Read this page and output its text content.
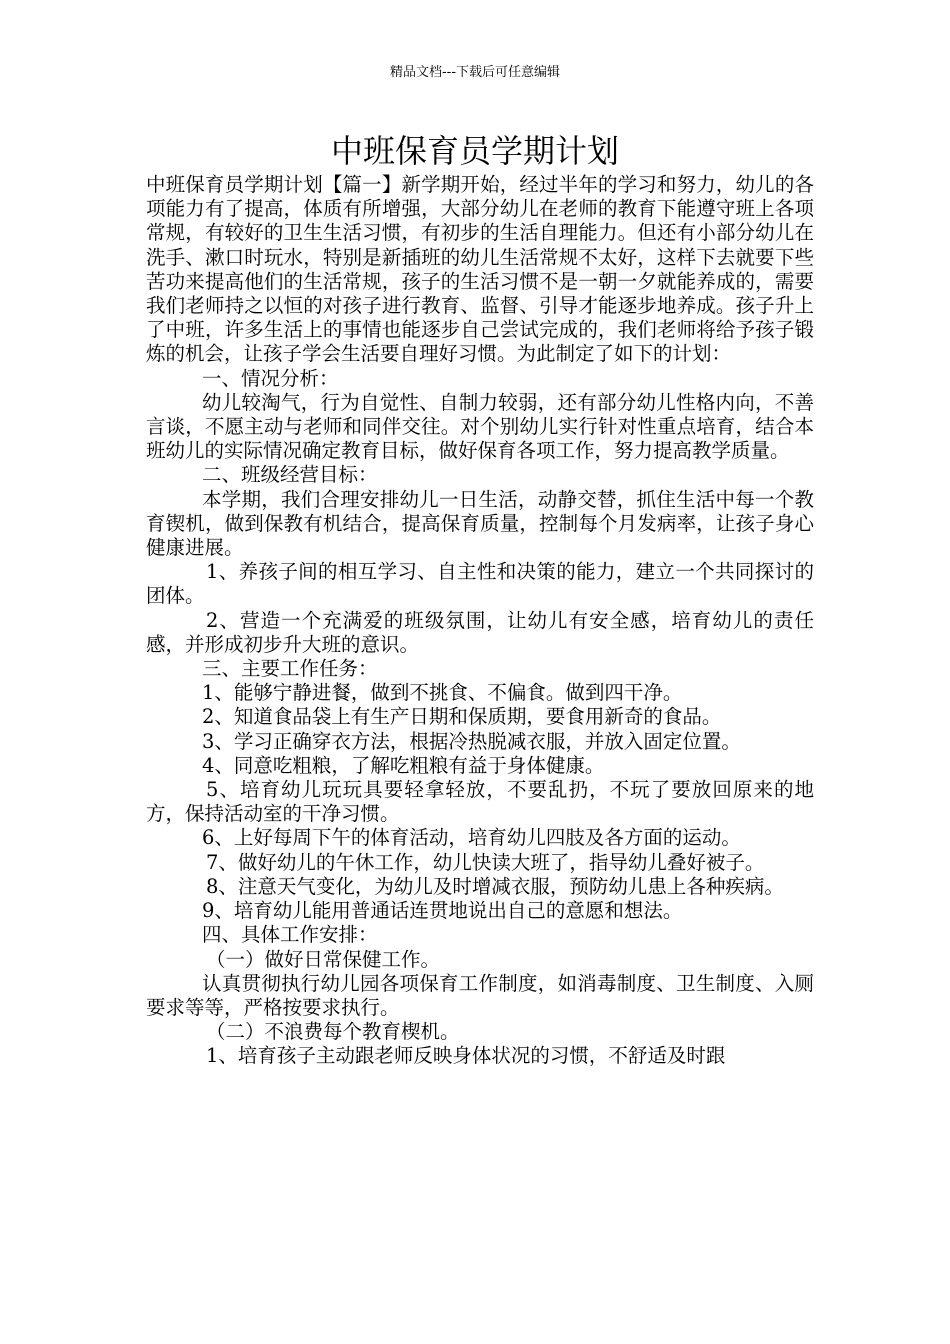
精品文档---下载后可任意编辑
中班保育员学期计划

中班保育员学期计划【篇一】新学期开始，经过半年的学习和努力，幼儿的各项能力有了提高，体质有所增强，大部分幼儿在老师的教育下能遵守班上各项常规，有较好的卫生生活习惯，有初步的生活自理能力。但还有小部分幼儿在洗手、漱口时玩水，特别是新插班的幼儿生活常规不太好，这样下去就要下些苦功来提高他们的生活常规，孩子的生活习惯不是一朝一夕就能养成的，需要我们老师持之以恒的对孩子进行教育、监督、引导才能逐步地养成。孩子升上了中班，许多生活上的事情也能逐步自己尝试完成的，我们老师将给予孩子锻炼的机会，让孩子学会生活要自理好习惯。为此制定了如下的计划：

一、情况分析：

幼儿较淘气，行为自觉性、自制力较弱，还有部分幼儿性格内向，不善言谈，不愿主动与老师和同伴交往。对个别幼儿实行针对性重点培育，结合本班幼儿的实际情况确定教育目标，做好保育各项工作，努力提高教学质量。

二、班级经营目标：

本学期，我们合理安排幼儿一日生活，动静交替，抓住生活中每一个教育锲机，做到保教有机结合，提高保育质量，控制每个月发病率，让孩子身心健康进展。

1、养孩子间的相互学习、自主性和决策的能力，建立一个共同探讨的团体。

2、营造一个充满爱的班级氛围，让幼儿有安全感，培育幼儿的责任感，并形成初步升大班的意识。

三、主要工作任务：

1、能够宁静进餐，做到不挑食、不偏食。做到四干净。

2、知道食品袋上有生产日期和保质期，要食用新奇的食品。

3、学习正确穿衣方法，根据冷热脱减衣服，并放入固定位置。

4、同意吃粗粮，了解吃粗粮有益于身体健康。

5、培育幼儿玩玩具要轻拿轻放，不要乱扔，不玩了要放回原来的地方，保持活动室的干净习惯。

6、上好每周下午的体育活动，培育幼儿四肢及各方面的运动。

7、做好幼儿的午休工作，幼儿快读大班了，指导幼儿叠好被子。

8、注意天气变化，为幼儿及时增减衣服，预防幼儿患上各种疾病。

9、培育幼儿能用普通话连贯地说出自己的意愿和想法。

四、具体工作安排：

（一）做好日常保健工作。

认真贯彻执行幼儿园各项保育工作制度，如消毒制度、卫生制度、入厕要求等等，严格按要求执行。

（二）不浪费每个教育楔机。

1、培育孩子主动跟老师反映身体状况的习惯，不舒适及时跟
